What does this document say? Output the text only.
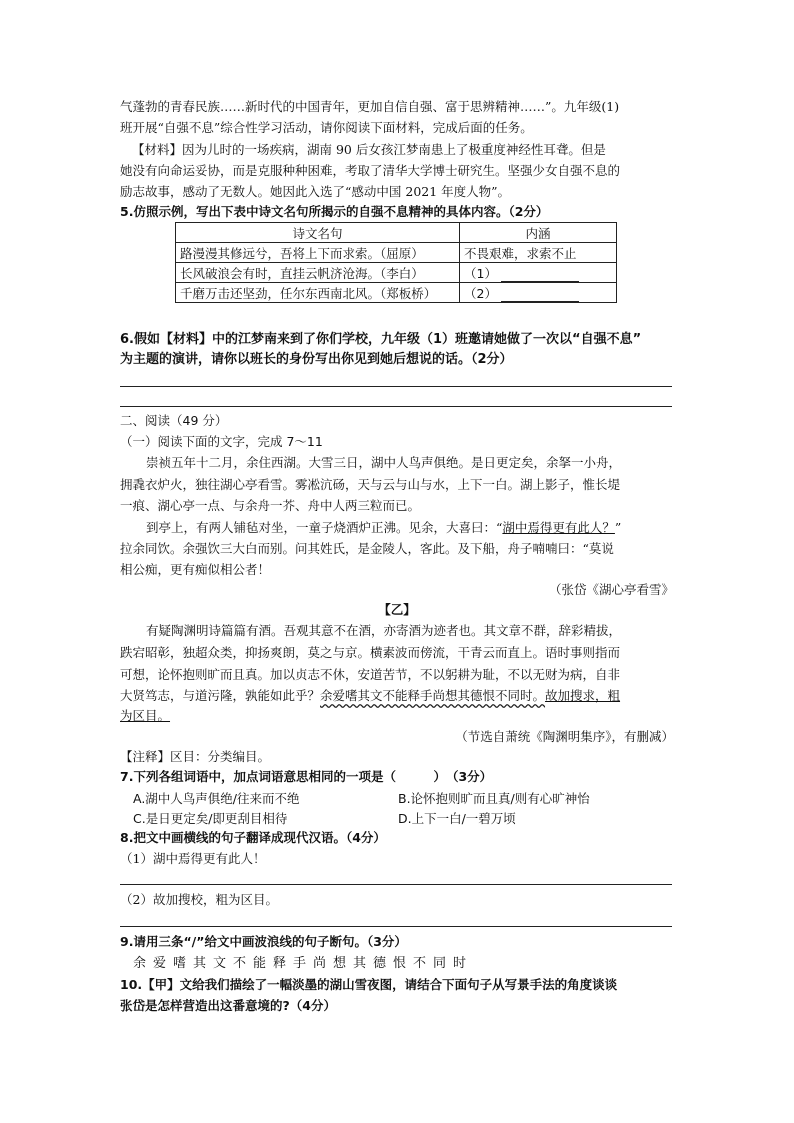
气蓬勃的青春民族……新时代的中国青年，更加自信自强、富于思辨精神……”。九年级(1)
班开展“自强不息”综合性学习活动，请你阅读下面材料，完成后面的任务。
【材料】因为儿时的一场疾病，湖南 90 后女孩江梦南患上了极重度神经性耳聋。但是
她没有向命运妥协，而是克服种种困难，考取了清华大学博士研究生。坚强少女自强不息的
励志故事，感动了无数人。她因此入选了“感动中国 2021 年度人物”。
5.仿照示例，写出下表中诗文名句所揭示的自强不息精神的具体内容。（2分）
诗文名句	内涵
路漫漫其修远兮，吾将上下而求索。（屈原）	不畏艰难，求索不止
长风破浪会有时，直挂云帆济沧海。（李白）	（1）
千磨万击还坚劲，任尔东西南北风。（郑板桥）	（2）
6.假如【材料】中的江梦南来到了你们学校，九年级（1）班邀请她做了一次以“自强不息”
为主题的演讲，请你以班长的身份写出你见到她后想说的话。（2分）
二、阅读（49 分）
（一）阅读下面的文字，完成 7～11
崇祯五年十二月，余住西湖。大雪三日，湖中人鸟声俱绝。是日更定矣，余拏一小舟，
拥毳衣炉火，独往湖心亭看雪。雾凇沆砀，天与云与山与水，上下一白。湖上影子，惟长堤
一痕、湖心亭一点、与余舟一芥、舟中人两三粒而已。
到亭上，有两人铺毡对坐，一童子烧酒炉正沸。见余，大喜曰：“湖中焉得更有此人？”
拉余同饮。余强饮三大白而别。问其姓氏，是金陵人，客此。及下船，舟子喃喃曰：“莫说
相公痴，更有痴似相公者！
（张岱《湖心亭看雪》
【乙】
有疑陶渊明诗篇篇有酒。吾观其意不在酒，亦寄酒为迹者也。其文章不群，辞彩精拔，
跌宕昭彰，独超众类，抑扬爽朗，莫之与京。横素波而傍流，干青云而直上。语时事则指而
可想，论怀抱则旷而且真。加以贞志不休，安道苦节，不以躬耕为耻，不以无财为病，自非
大贤笃志，与道污隆，孰能如此乎？余爱嗜其文不能释手尚想其德恨不同时。故加搜求，粗
为区目。
（节选自萧统《陶渊明集序》，有删减）
【注释】区目：分类编目。
7.下列各组词语中，加点词语意思相同的一项是（　　　）　（3分）
A.湖中人鸟声俱绝/往来而不绝	B.论怀抱则旷而且真/则有心旷神怡
C.是日更定矣/即更刮目相待	D.上下一白/一碧万顷
8.把文中画横线的句子翻译成现代汉语。（4分）
（1）湖中焉得更有此人！
（2）故加搜校，粗为区目。
9.请用三条“/”给文中画波浪线的句子断句。（3分）
余爱嗜其文不能释手尚想其德恨不同时
10.【甲】文给我们描绘了一幅淡墨的湖山雪夜图，请结合下面句子从写景手法的角度谈谈
张岱是怎样营造出这番意境的?（4分）
